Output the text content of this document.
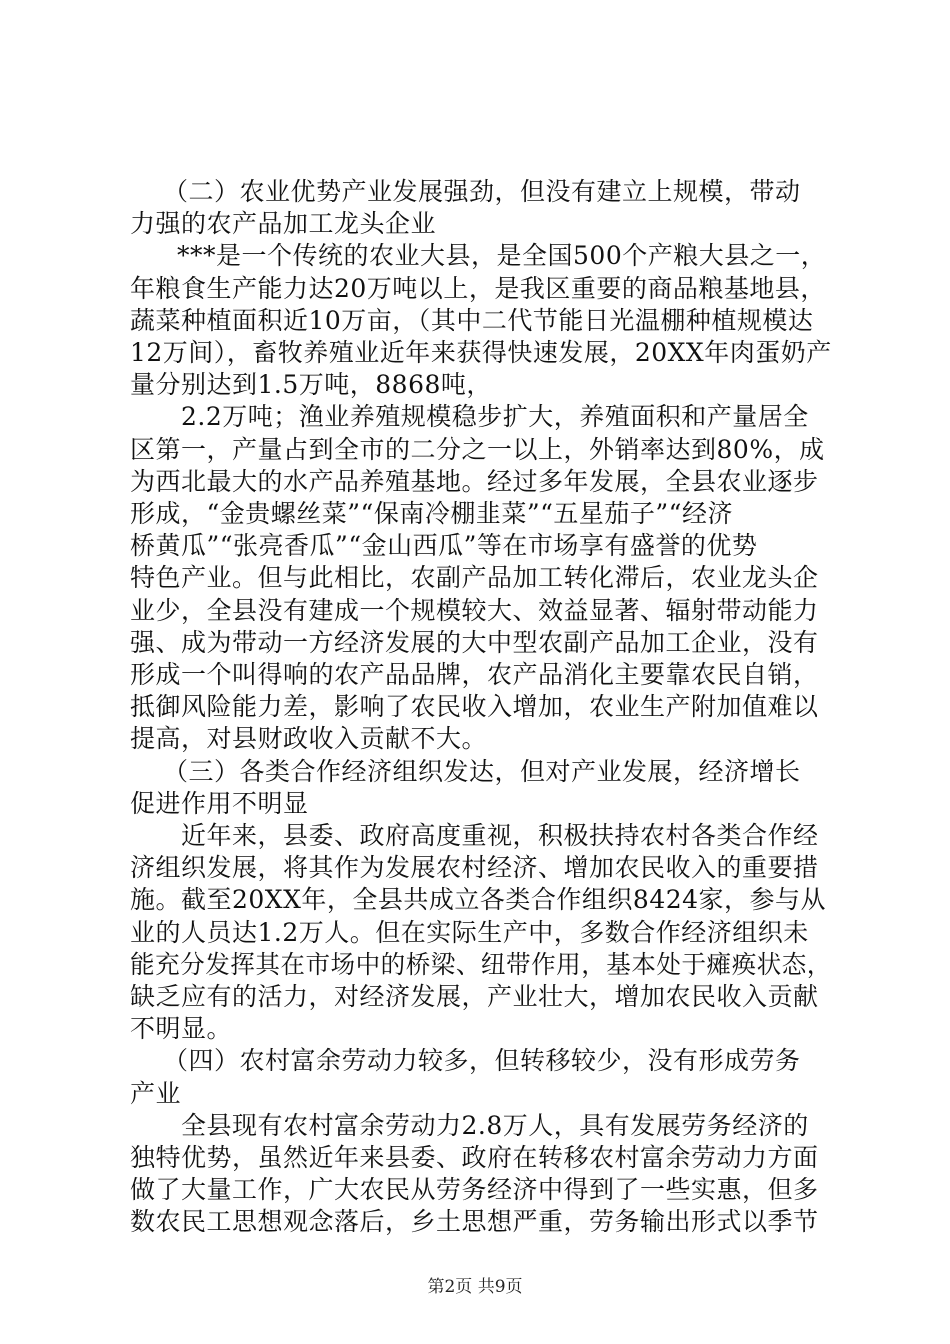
（二）农业优势产业发展强劲，但没有建立上规模，带动
力强的农产品加工龙头企业
***是一个传统的农业大县，是全国500个产粮大县之一，
年粮食生产能力达20万吨以上，是我区重要的商品粮基地县，
蔬菜种植面积近10万亩，（其中二代节能日光温棚种植规模达
12万间），畜牧养殖业近年来获得快速发展，20XX年肉蛋奶产
量分别达到1.5万吨，8868吨，
2.2万吨；渔业养殖规模稳步扩大，养殖面积和产量居全
区第一，产量占到全市的二分之一以上，外销率达到80%，成
为西北最大的水产品养殖基地。经过多年发展，全县农业逐步
形成，“金贵螺丝菜”“保南冷棚韭菜”“五星茄子”“经济
桥黄瓜”“张亮香瓜”“金山西瓜”等在市场享有盛誉的优势
特色产业。但与此相比，农副产品加工转化滞后，农业龙头企
业少，全县没有建成一个规模较大、效益显著、辐射带动能力
强、成为带动一方经济发展的大中型农副产品加工企业，没有
形成一个叫得响的农产品品牌，农产品消化主要靠农民自销，
抵御风险能力差，影响了农民收入增加，农业生产附加值难以
提高，对县财政收入贡献不大。
（三）各类合作经济组织发达，但对产业发展，经济增长
促进作用不明显
近年来，县委、政府高度重视，积极扶持农村各类合作经
济组织发展，将其作为发展农村经济、增加农民收入的重要措
施。截至20XX年，全县共成立各类合作组织8424家，参与从
业的人员达1.2万人。但在实际生产中，多数合作经济组织未
能充分发挥其在市场中的桥梁、纽带作用，基本处于瘫痪状态，
缺乏应有的活力，对经济发展，产业壮大，增加农民收入贡献
不明显。
（四）农村富余劳动力较多，但转移较少，没有形成劳务
产业
全县现有农村富余劳动力2.8万人，具有发展劳务经济的
独特优势，虽然近年来县委、政府在转移农村富余劳动力方面
做了大量工作，广大农民从劳务经济中得到了一些实惠，但多
数农民工思想观念落后，乡土思想严重，劳务输出形式以季节
第2页 共9页
